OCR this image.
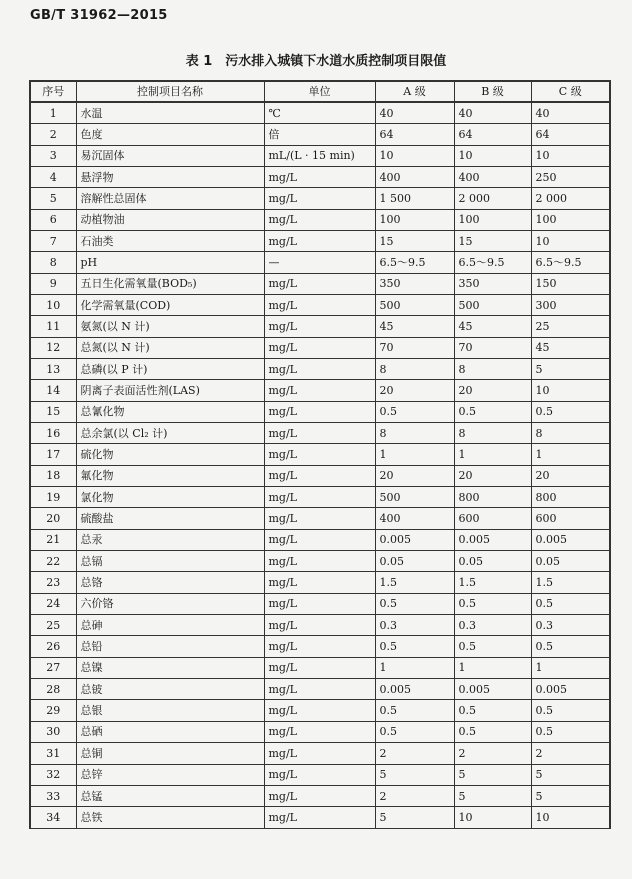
GB/T 31962—2015
表 1　污水排入城镇下水道水质控制项目限值
序号	控制项目名称	单位	A 级	B 级	C 级
1	水温	℃	40	40	40
2	色度	倍	64	64	64
3	易沉固体	mL/(L · 15 min)	10	10	10
4	悬浮物	mg/L	400	400	250
5	溶解性总固体	mg/L	1 500	2 000	2 000
6	动植物油	mg/L	100	100	100
7	石油类	mg/L	15	15	10
8	pH	—	6.5～9.5	6.5～9.5	6.5～9.5
9	五日生化需氧量(BOD₅)	mg/L	350	350	150
10	化学需氧量(COD)	mg/L	500	500	300
11	氨氮(以 N 计)	mg/L	45	45	25
12	总氮(以 N 计)	mg/L	70	70	45
13	总磷(以 P 计)	mg/L	8	8	5
14	阴离子表面活性剂(LAS)	mg/L	20	20	10
15	总氰化物	mg/L	0.5	0.5	0.5
16	总余氯(以 Cl₂ 计)	mg/L	8	8	8
17	硫化物	mg/L	1	1	1
18	氟化物	mg/L	20	20	20
19	氯化物	mg/L	500	800	800
20	硫酸盐	mg/L	400	600	600
21	总汞	mg/L	0.005	0.005	0.005
22	总镉	mg/L	0.05	0.05	0.05
23	总铬	mg/L	1.5	1.5	1.5
24	六价铬	mg/L	0.5	0.5	0.5
25	总砷	mg/L	0.3	0.3	0.3
26	总铅	mg/L	0.5	0.5	0.5
27	总镍	mg/L	1	1	1
28	总铍	mg/L	0.005	0.005	0.005
29	总银	mg/L	0.5	0.5	0.5
30	总硒	mg/L	0.5	0.5	0.5
31	总铜	mg/L	2	2	2
32	总锌	mg/L	5	5	5
33	总锰	mg/L	2	5	5
34	总铁	mg/L	5	10	10
